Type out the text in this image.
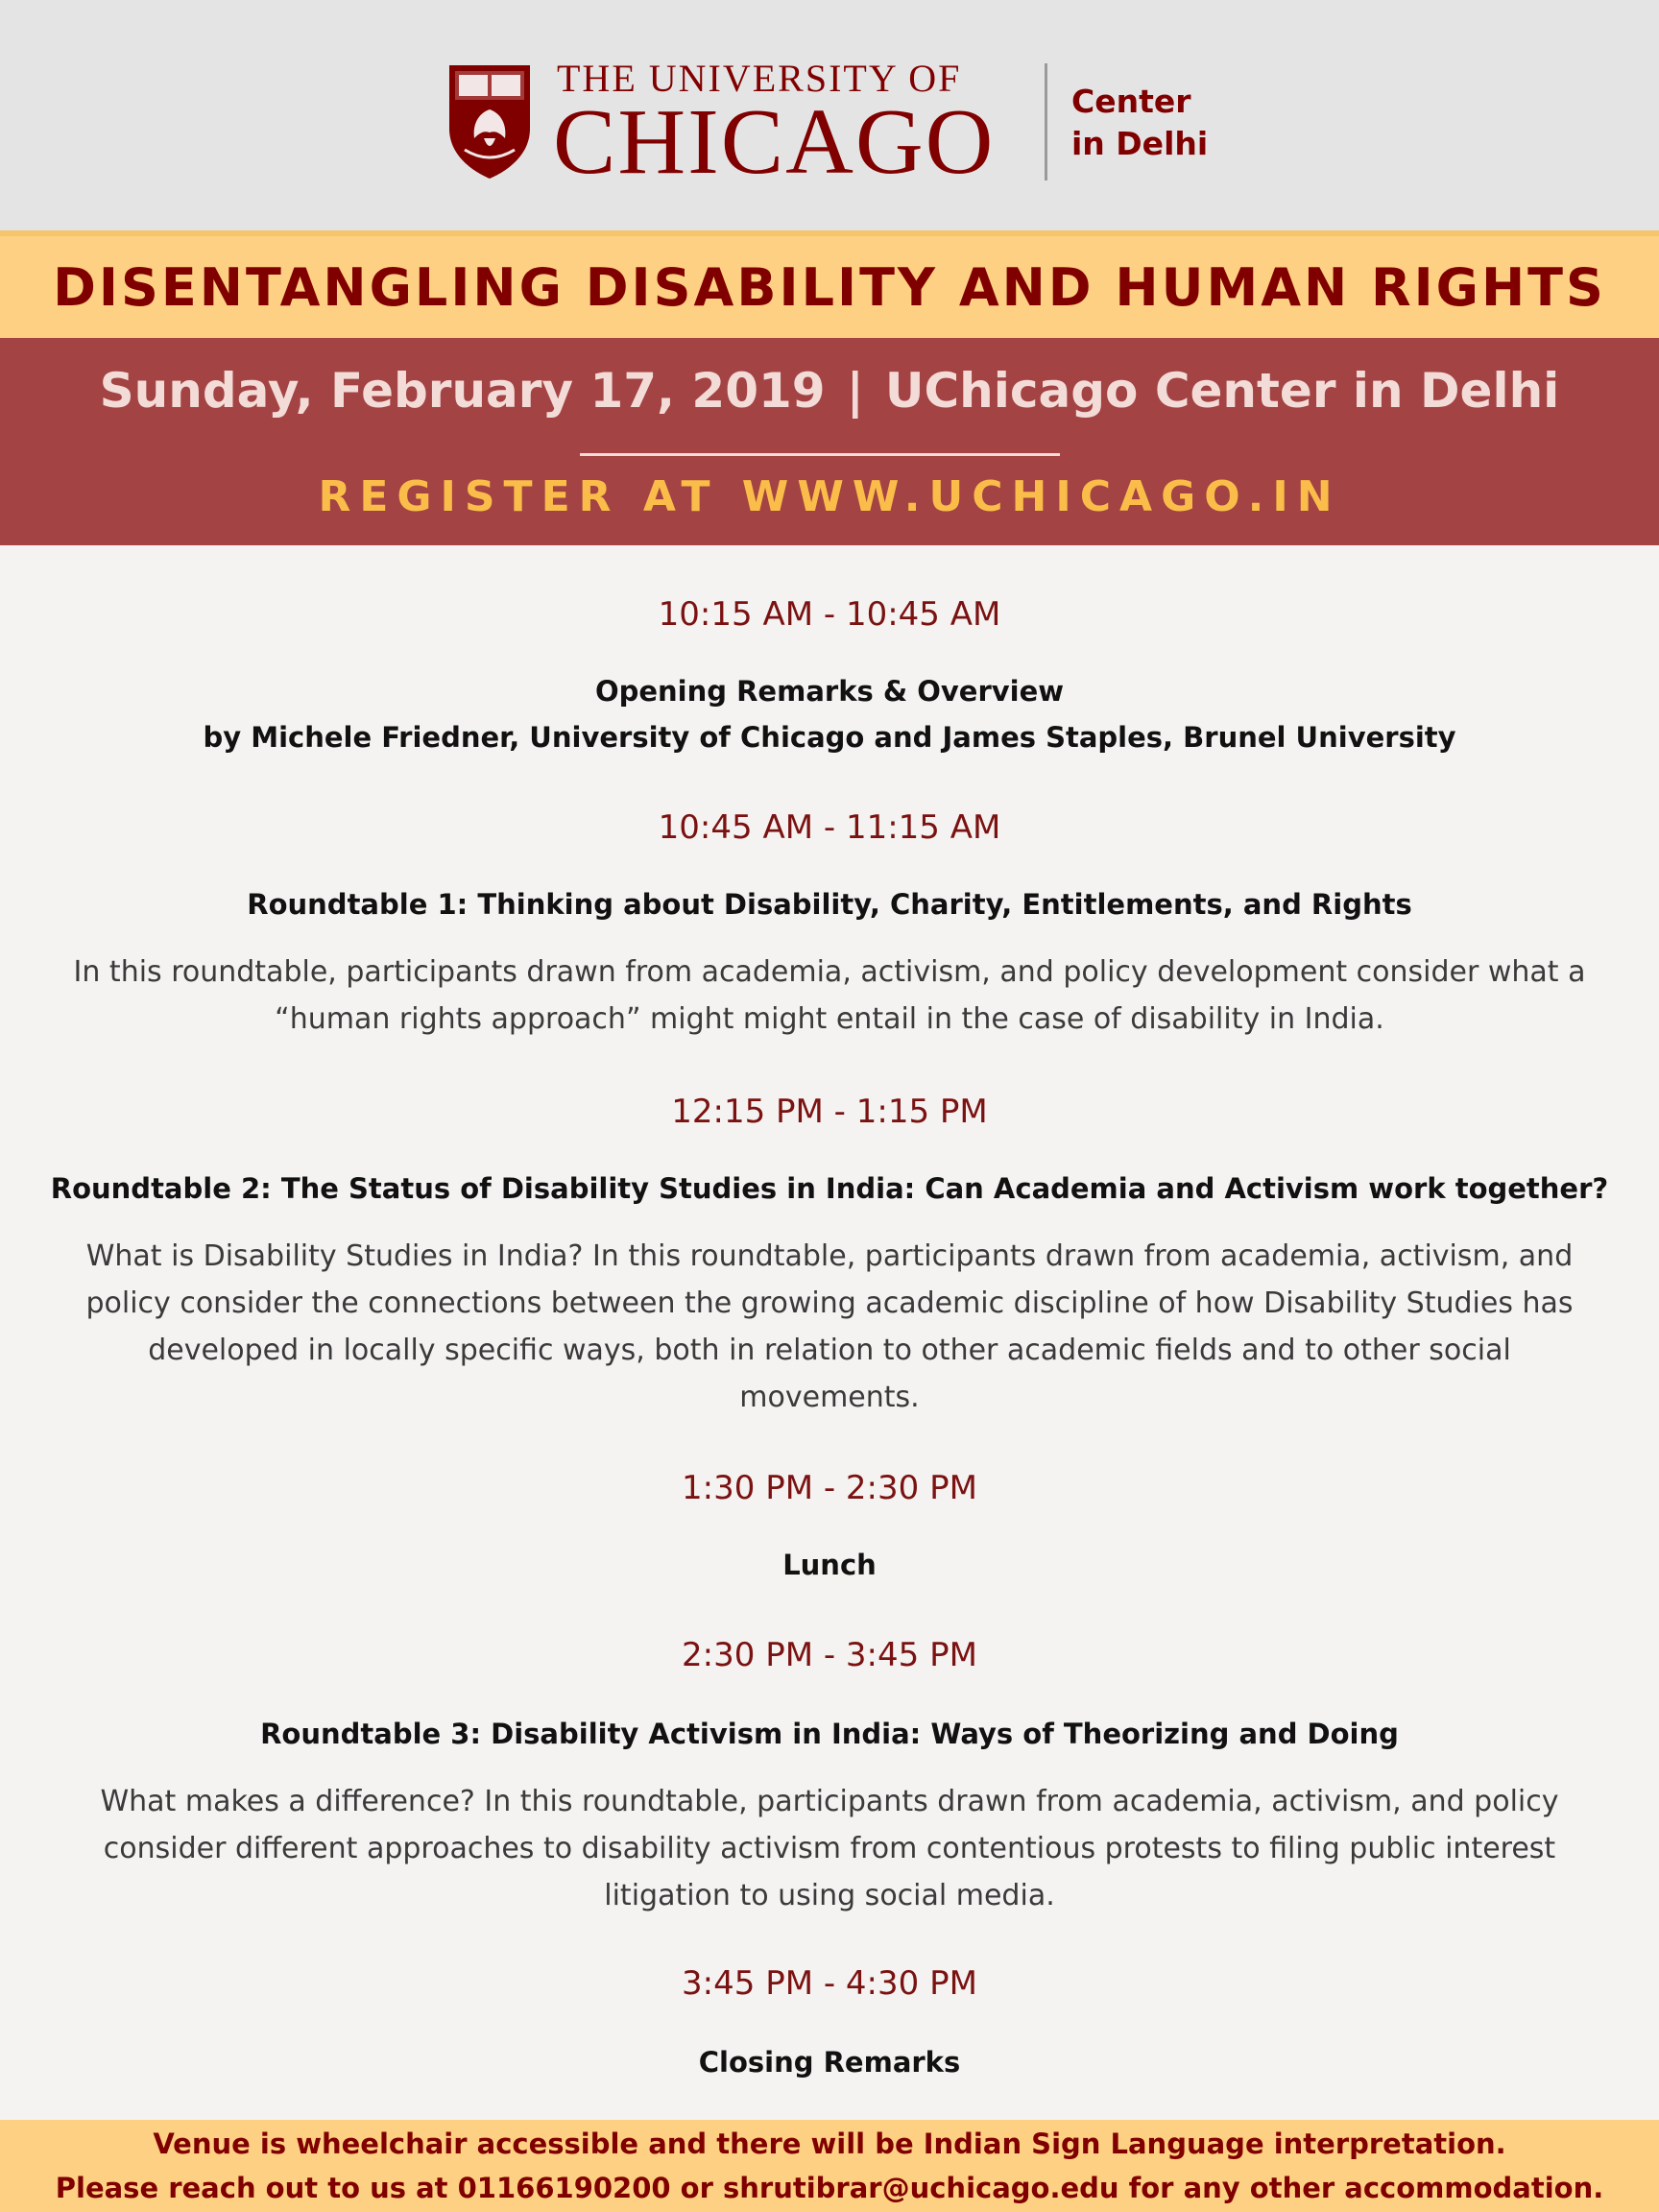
THE UNIVERSITY OF
CHICAGO	Center
in Delhi
DISENTANGLING DISABILITY AND HUMAN RIGHTS
Sunday, February 17, 2019 | UChicago Center in Delhi
REGISTER AT WWW.UCHICAGO.IN
10:15 AM - 10:45 AM
Opening Remarks & Overview
by Michele Friedner, University of Chicago and James Staples, Brunel University
10:45 AM - 11:15 AM
Roundtable 1: Thinking about Disability, Charity, Entitlements, and Rights
In this roundtable, participants drawn from academia, activism, and policy development consider what a
“human rights approach” might might entail in the case of disability in India.
12:15 PM - 1:15 PM
Roundtable 2: The Status of Disability Studies in India: Can Academia and Activism work together?
What is Disability Studies in India? In this roundtable, participants drawn from academia, activism, and
policy consider the connections between the growing academic discipline of how Disability Studies has
developed in locally specific ways, both in relation to other academic fields and to other social
movements.
1:30 PM - 2:30 PM
Lunch
2:30 PM - 3:45 PM
Roundtable 3: Disability Activism in India: Ways of Theorizing and Doing
What makes a difference? In this roundtable, participants drawn from academia, activism, and policy
consider different approaches to disability activism from contentious protests to filing public interest
litigation to using social media.
3:45 PM - 4:30 PM
Closing Remarks
Venue is wheelchair accessible and there will be Indian Sign Language interpretation.
Please reach out to us at 01166190200 or shrutibrar@uchicago.edu for any other accommodation.
